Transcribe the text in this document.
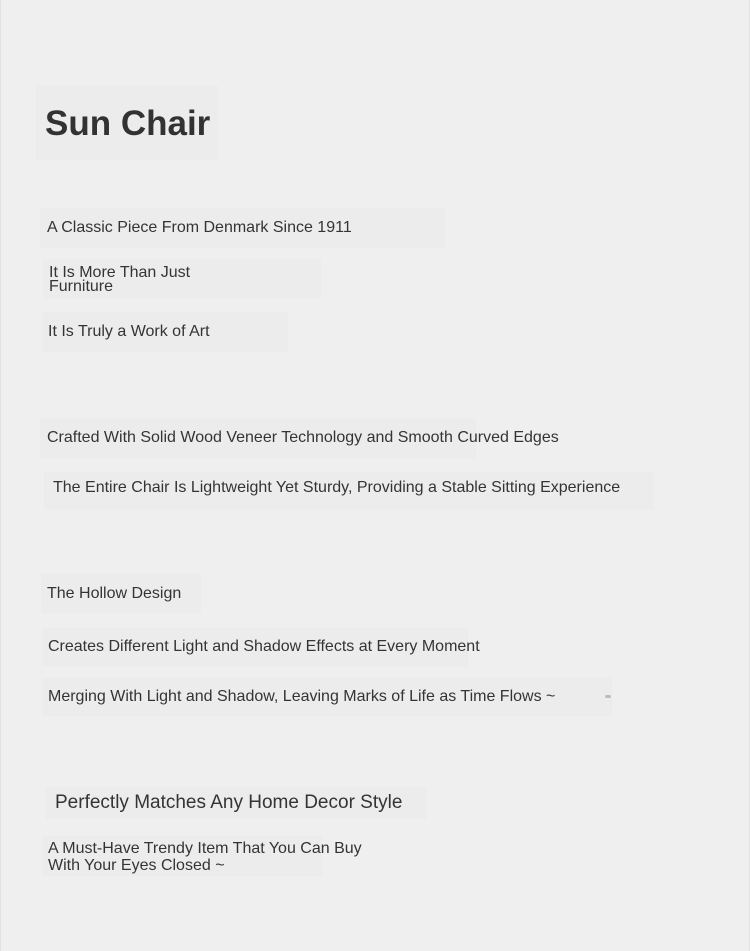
Sun Chair
A Classic Piece From Denmark Since 1911
It Is More Than Just
Furniture
It Is Truly a Work of Art
Crafted With Solid Wood Veneer Technology and Smooth Curved Edges
The Entire Chair Is Lightweight Yet Sturdy, Providing a Stable Sitting Experience
The Hollow Design
Creates Different Light and Shadow Effects at Every Moment
Merging With Light and Shadow, Leaving Marks of Life as Time Flows ~
Perfectly Matches Any Home Decor Style
A Must-Have Trendy Item That You Can Buy
With Your Eyes Closed ~
